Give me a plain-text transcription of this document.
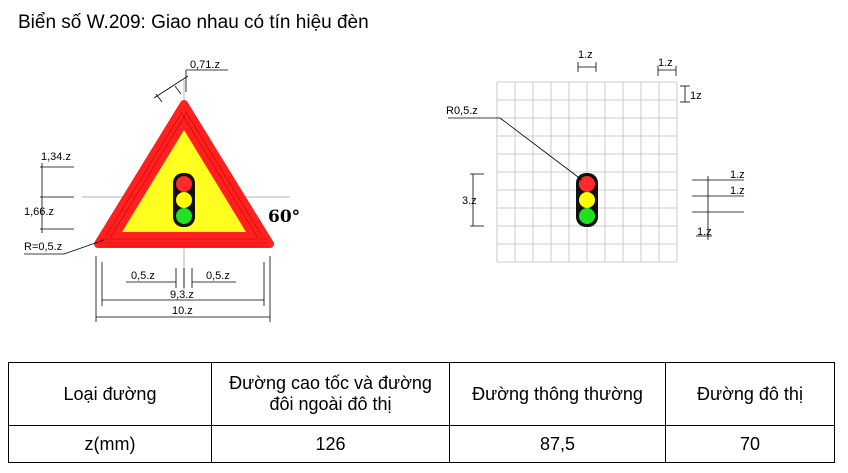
Biển số W.209: Giao nhau có tín hiệu đèn
0,71.z
1,34.z
1,66.z
R=0,5.z
60°
0,5.z	0,5.z
9,3.z
10.z
1.z
1.z
1z
R0,5.z
3.z
1.z
1.z
1.z
Loại đường	Đường cao tốc và đường đôi ngoài đô thị	Đường thông thường	Đường đô thị
z(mm)	126	87,5	70
